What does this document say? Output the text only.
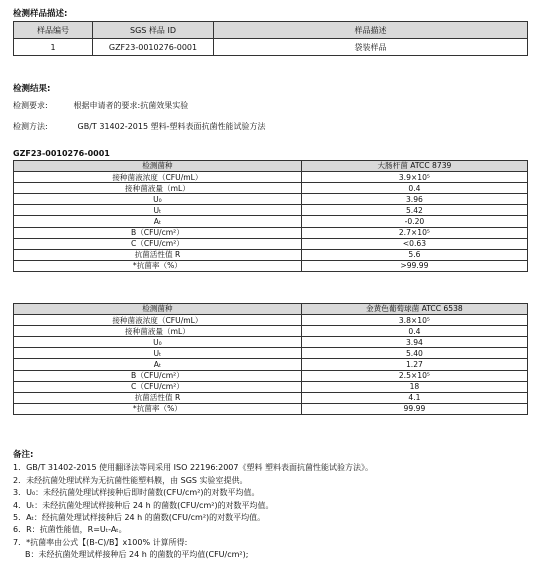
检测样品描述:
样品编号	SGS 样品 ID	样品描述
1	GZF23-0010276-0001	袋装样品
检测结果:
检测要求:	根据申请者的要求:抗菌效果实验
检测方法:	GB/T 31402-2015 塑料-塑料表面抗菌性能试验方法
GZF23-0010276-0001
检测菌种	大肠杆菌 ATCC 8739
接种菌液浓度（CFU/mL）	3.9×10⁵
接种菌液量（mL）	0.4
U₀	3.96
Uₜ	5.42
Aₜ	-0.20
B（CFU/cm²）	2.7×10⁵
C（CFU/cm²）	<0.63
抗菌活性值 R	5.6
*抗菌率（%）	>99.99
检测菌种	金黄色葡萄球菌 ATCC 6538
接种菌液浓度（CFU/mL）	3.8×10⁵
接种菌液量（mL）	0.4
U₀	3.94
Uₜ	5.40
Aₜ	1.27
B（CFU/cm²）	2.5×10⁵
C（CFU/cm²）	18
抗菌活性值 R	4.1
*抗菌率（%）	99.99
备注:
1．GB/T 31402-2015 使用翻译法等同采用 ISO 22196:2007《塑料 塑料表面抗菌性能试验方法》。
2．未经抗菌处理试样为无抗菌性能塑料膜，由 SGS 实验室提供。
3．U₀：未经抗菌处理试样接种后即时菌数(CFU/cm²)的对数平均值。
4．Uₜ：未经抗菌处理试样接种后 24 h 的菌数(CFU/cm²)的对数平均值。
5．Aₜ：经抗菌处理试样接种后 24 h 的菌数(CFU/cm²)的对数平均值。
6．R：抗菌性能值，R=Uₜ-Aₜ。
7．*抗菌率由公式【(B-C)/B】x100% 计算所得:
B：未经抗菌处理试样接种后 24 h 的菌数的平均值(CFU/cm²);
